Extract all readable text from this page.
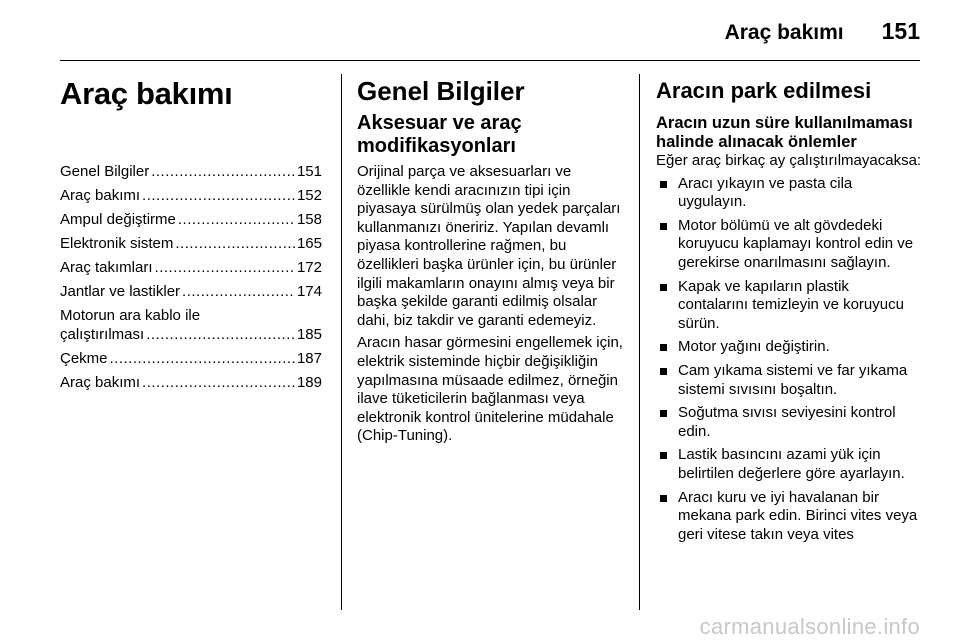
Araç bakımı 151
Araç bakımı
Genel Bilgiler .....	151
Araç bakımı .....	152
Ampul değiştirme .....	158
Elektronik sistem .....	165
Araç takımları .....	172
Jantlar ve lastikler .....	174
Motorun ara kablo ile
çalıştırılması .....	185
Çekme .....	187
Araç bakımı .....	189
Genel Bilgiler
Aksesuar ve araç modifikasyonları

Orijinal parça ve aksesuarları ve özellikle kendi aracınızın tipi için piyasaya sürülmüş olan yedek parçaları kullanmanızı öneririz. Yapılan devamlı piyasa kontrollerine rağmen, bu özellikleri başka ürünler için, bu ürünler ilgili makamların onayını almış veya bir başka şekilde garanti edilmiş olsalar dahi, biz takdir ve garanti edemeyiz.

Aracın hasar görmesini engellemek için, elektrik sisteminde hiçbir değişikliğin yapılmasına müsaade edilmez, örneğin ilave tüketicilerin bağlanması veya elektronik kontrol ünitelerine müdahale (Chip-Tuning).

Aracın park edilmesi
Aracın uzun süre kullanılmaması halinde alınacak önlemler

Eğer araç birkaç ay çalıştırılmayacaksa:

Aracı yıkayın ve pasta cila uygulayın.
Motor bölümü ve alt gövdedeki koruyucu kaplamayı kontrol edin ve gerekirse onarılmasını sağlayın.
Kapak ve kapıların plastik contalarını temizleyin ve koruyucu sürün.
Motor yağını değiştirin.
Cam yıkama sistemi ve far yıkama sistemi sıvısını boşaltın.
Soğutma sıvısı seviyesini kontrol edin.
Lastik basıncını azami yük için belirtilen değerlere göre ayarlayın.
Aracı kuru ve iyi havalanan bir mekana park edin. Birinci vites veya geri vitese takın veya vites
carmanualsonline.info
